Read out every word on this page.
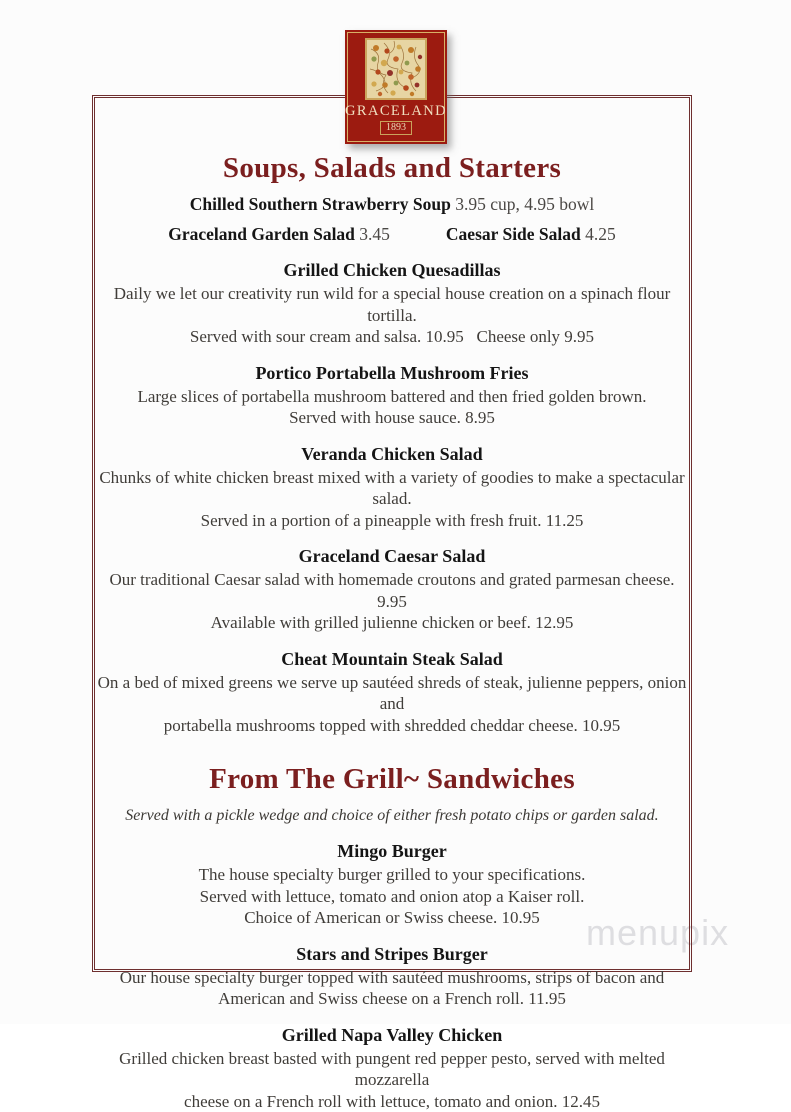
menupix
Soups, Salads and Starters
Chilled Southern Strawberry Soup 3.95 cup, 4.95 bowl
Graceland Garden Salad 3.45	Caesar Side Salad 4.25
Grilled Chicken Quesadillas

Daily we let our creativity run wild for a special house creation on a spinach flour tortilla.

Served with sour cream and salsa. 10.95   Cheese only 9.95

Portico Portabella Mushroom Fries

Large slices of portabella mushroom battered and then fried golden brown.

Served with house sauce. 8.95

Veranda Chicken Salad

Chunks of white chicken breast mixed with a variety of goodies to make a spectacular salad.

Served in a portion of a pineapple with fresh fruit. 11.25

Graceland Caesar Salad

Our traditional Caesar salad with homemade croutons and grated parmesan cheese. 9.95

Available with grilled julienne chicken or beef. 12.95

Cheat Mountain Steak Salad

On a bed of mixed greens we serve up sautéed shreds of steak, julienne peppers, onion and

portabella mushrooms topped with shredded cheddar cheese. 10.95

From The Grill~ Sandwiches

Served with a pickle wedge and choice of either fresh potato chips or garden salad.

Mingo Burger

The house specialty burger grilled to your specifications.

Served with lettuce, tomato and onion atop a Kaiser roll.

Choice of American or Swiss cheese. 10.95

Stars and Stripes Burger

Our house specialty burger topped with sautéed mushrooms, strips of bacon and

American and Swiss cheese on a French roll. 11.95

Grilled Napa Valley Chicken

Grilled chicken breast basted with pungent red pepper pesto, served with melted mozzarella

cheese on a French roll with lettuce, tomato and onion. 12.45

GRACELAND
1893
